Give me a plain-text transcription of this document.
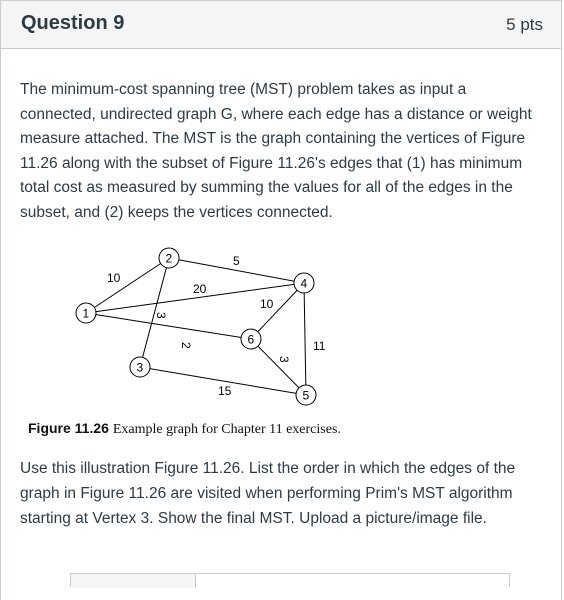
Question 9	5 pts

The minimum-cost spanning tree (MST) problem takes as input a connected, undirected graph G, where each edge has a distance or weight measure attached. The MST is the graph containing the vertices of Figure 11.26 along with the subset of Figure 11.26's edges that (1) has minimum total cost as measured by summing the values for all of the edges in the subset, and (2) keeps the vertices connected.

10
20
2
3
5
15
11
10
3
1
2
3
4
5
6
Figure 11.26 Example graph for Chapter 11 exercises.

Use this illustration Figure 11.26. List the order in which the edges of the graph in Figure 11.26 are visited when performing Prim's MST algorithm starting at Vertex 3. Show the final MST. Upload a picture/image file.
